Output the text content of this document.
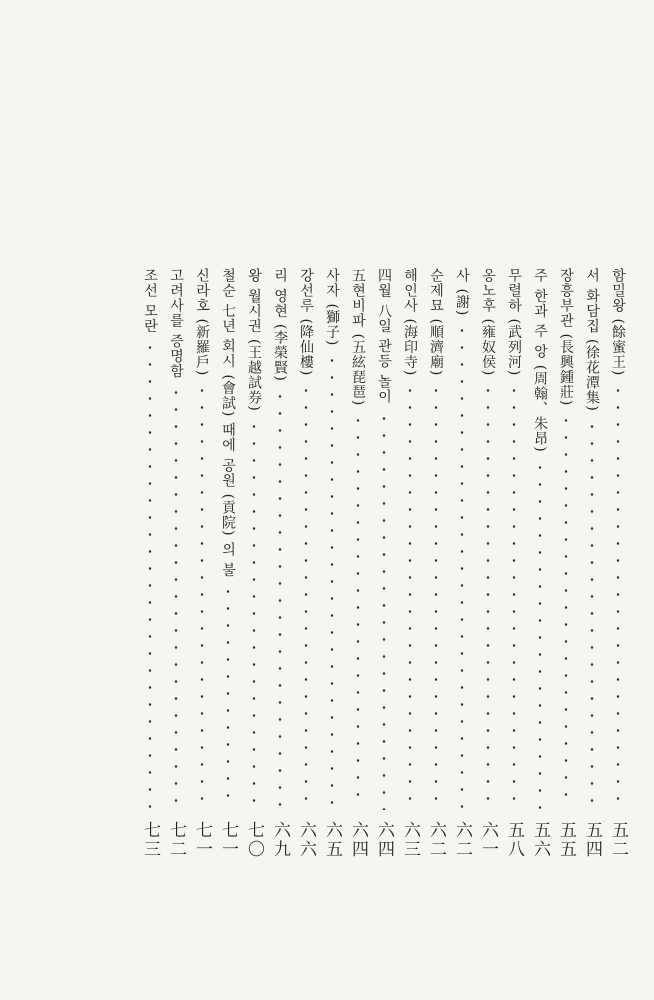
함밀왕 (餘蜜王)
五二
서 화담집 (徐花潭集)
五四
장흥부관 (長興鍾莊)
五五
주 한과 주 앙 (周翰、朱昂)
五六
무렬하 (武列河)
五八
옹노후 (雍奴侯)
六一
사 (謝)
六二
순제묘 (順濟廟)
六二
해인사 (海印寺)
六三
四월 八일 관등 놀이
六四
五현비파 (五絃琵琶)
六四
사자 (獅子)
六五
강선루 (降仙樓)
六六
리 영현 (李榮賢)
六九
왕 월시권 (王越試券)
七〇
철순 七년 회시 (會試) 때에 공원 (貢院) 의 불
七一
신라호 (新羅戶)
七一
고려사를 증명함
七二
조선 모란
七三
